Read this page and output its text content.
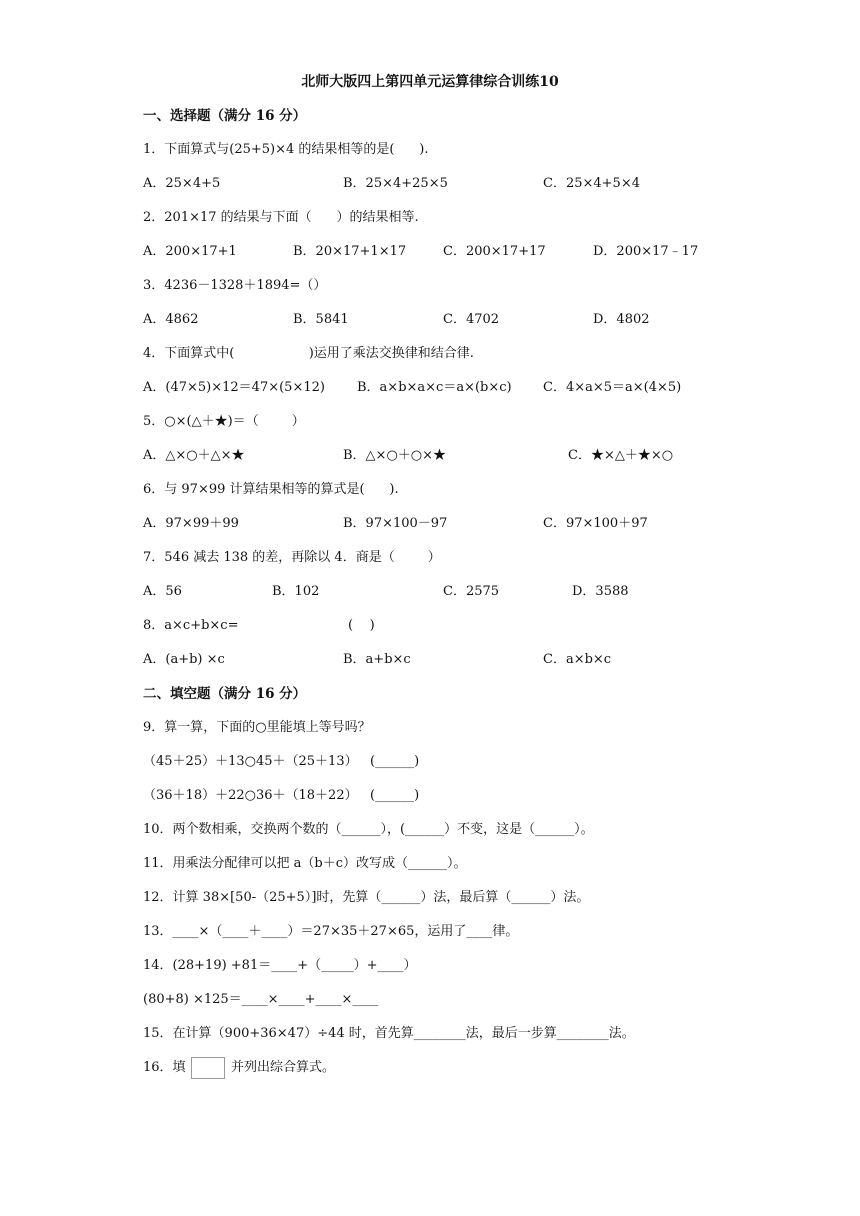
北师大版四上第四单元运算律综合训练10
一、选择题（满分 16 分）
1．下面算式与(25+5)×4 的结果相等的是(      ).
A．25×4+5	B．25×4+25×5	C．25×4+5×4
2．201×17 的结果与下面（      ）的结果相等.
A．200×17+1	B．20×17+1×17	C．200×17+17	D．200×17﹣17
3．4236－1328＋1894=（）
A．4862	B．5841	C．4702	D．4802
4．下面算式中(                  )运用了乘法交换律和结合律.
A．(47×5)×12＝47×(5×12) B．a×b×a×c＝a×(b×c) C．4×a×5＝a×(4×5)
5．○×(△＋★)＝（        ）
A．△×○＋△×★	B．△×○＋○×★	C．★×△＋★×○
6．与 97×99 计算结果相等的算式是(      ).
A．97×99＋99	B．97×100－97	C．97×100＋97
7．546 减去 138 的差，再除以 4．商是（        ）
A．56	B．102	C．2575	D．3588
8．a×c+b×c=	(    )
A．(a+b) ×c	B．a+b×c	C．a×b×c
二、填空题（满分 16 分）
9．算一算，下面的○里能填上等号吗？
（45＋25）＋13○45＋（25＋13）   (______)
（36＋18）＋22○36＋（18＋22）   (______)
10．两个数相乘，交换两个数的（______），(______）不变，这是（______）。
11．用乘法分配律可以把 a（b＋c）改写成（______）。
12．计算 38×[50-（25+5）]时，先算（______）法，最后算（______）法。
13．____×（____＋____）＝27×35＋27×65，运用了____律。
14．(28+19) +81＝____+（_____）+____）
(80+8) ×125＝____×____+____×____
15．在计算（900+36×47）÷44 时，首先算________法，最后一步算________法。
16．填	并列出综合算式。
